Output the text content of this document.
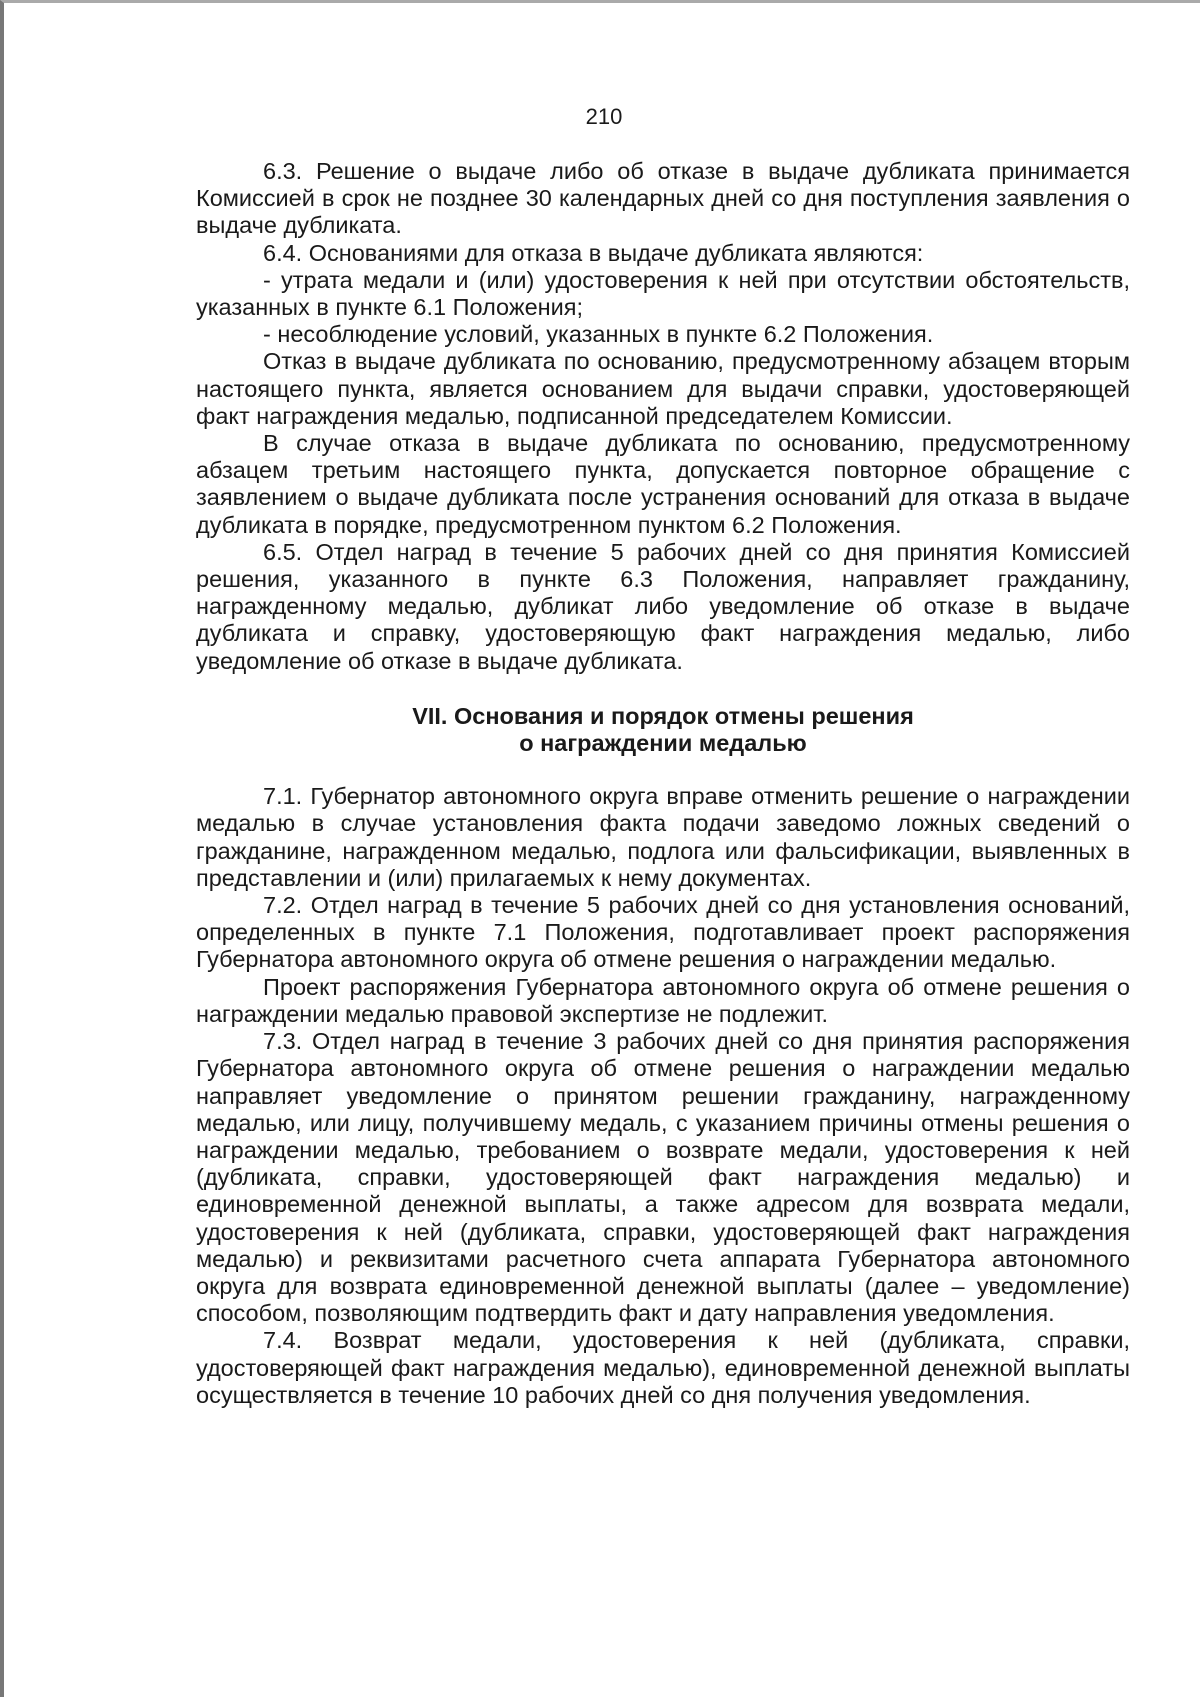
210

6.3. Решение о выдаче либо об отказе в выдаче дубликата принимается Комиссией в срок не позднее 30 календарных дней со дня поступления заявления о выдаче дубликата.

6.4. Основаниями для отказа в выдаче дубликата являются:

- утрата медали и (или) удостоверения к ней при отсутствии обстоятельств, указанных в пункте 6.1 Положения;

- несоблюдение условий, указанных в пункте 6.2 Положения.

Отказ в выдаче дубликата по основанию, предусмотренному абзацем вторым настоящего пункта, является основанием для выдачи справки, удостоверяющей факт награждения медалью, подписанной председателем Комиссии.

В случае отказа в выдаче дубликата по основанию, предусмотренному абзацем третьим настоящего пункта, допускается повторное обращение с заявлением о выдаче дубликата после устранения оснований для отказа в выдаче дубликата в порядке, предусмотренном пунктом 6.2 Положения.

6.5. Отдел наград в течение 5 рабочих дней со дня принятия Комиссией решения, указанного в пункте 6.3 Положения, направляет гражданину, награжденному медалью, дубликат либо уведомление об отказе в выдаче дубликата и справку, удостоверяющую факт награждения медалью, либо уведомление об отказе в выдаче дубликата.

VII. Основания и порядок отмены решения
о награждении медалью

7.1. Губернатор автономного округа вправе отменить решение о награждении медалью в случае установления факта подачи заведомо ложных сведений о гражданине, награжденном медалью, подлога или фальсификации, выявленных в представлении и (или) прилагаемых к нему документах.

7.2. Отдел наград в течение 5 рабочих дней со дня установления оснований, определенных в пункте 7.1 Положения, подготавливает проект распоряжения Губернатора автономного округа об отмене решения о награждении медалью.

Проект распоряжения Губернатора автономного округа об отмене решения о награждении медалью правовой экспертизе не подлежит.

7.3. Отдел наград в течение 3 рабочих дней со дня принятия распоряжения Губернатора автономного округа об отмене решения о награждении медалью направляет уведомление о принятом решении гражданину, награжденному медалью, или лицу, получившему медаль, с указанием причины отмены решения о награждении медалью, требованием о возврате медали, удостоверения к ней (дубликата, справки, удостоверяющей факт награждения медалью) и единовременной денежной выплаты, а также адресом для возврата медали, удостоверения к ней (дубликата, справки, удостоверяющей факт награждения медалью) и реквизитами расчетного счета аппарата Губернатора автономного округа для возврата единовременной денежной выплаты (далее – уведомление) способом, позволяющим подтвердить факт и дату направления уведомления.

7.4. Возврат медали, удостоверения к ней (дубликата, справки, удостоверяющей факт награждения медалью), единовременной денежной выплаты осуществляется в течение 10 рабочих дней со дня получения уведомления.
